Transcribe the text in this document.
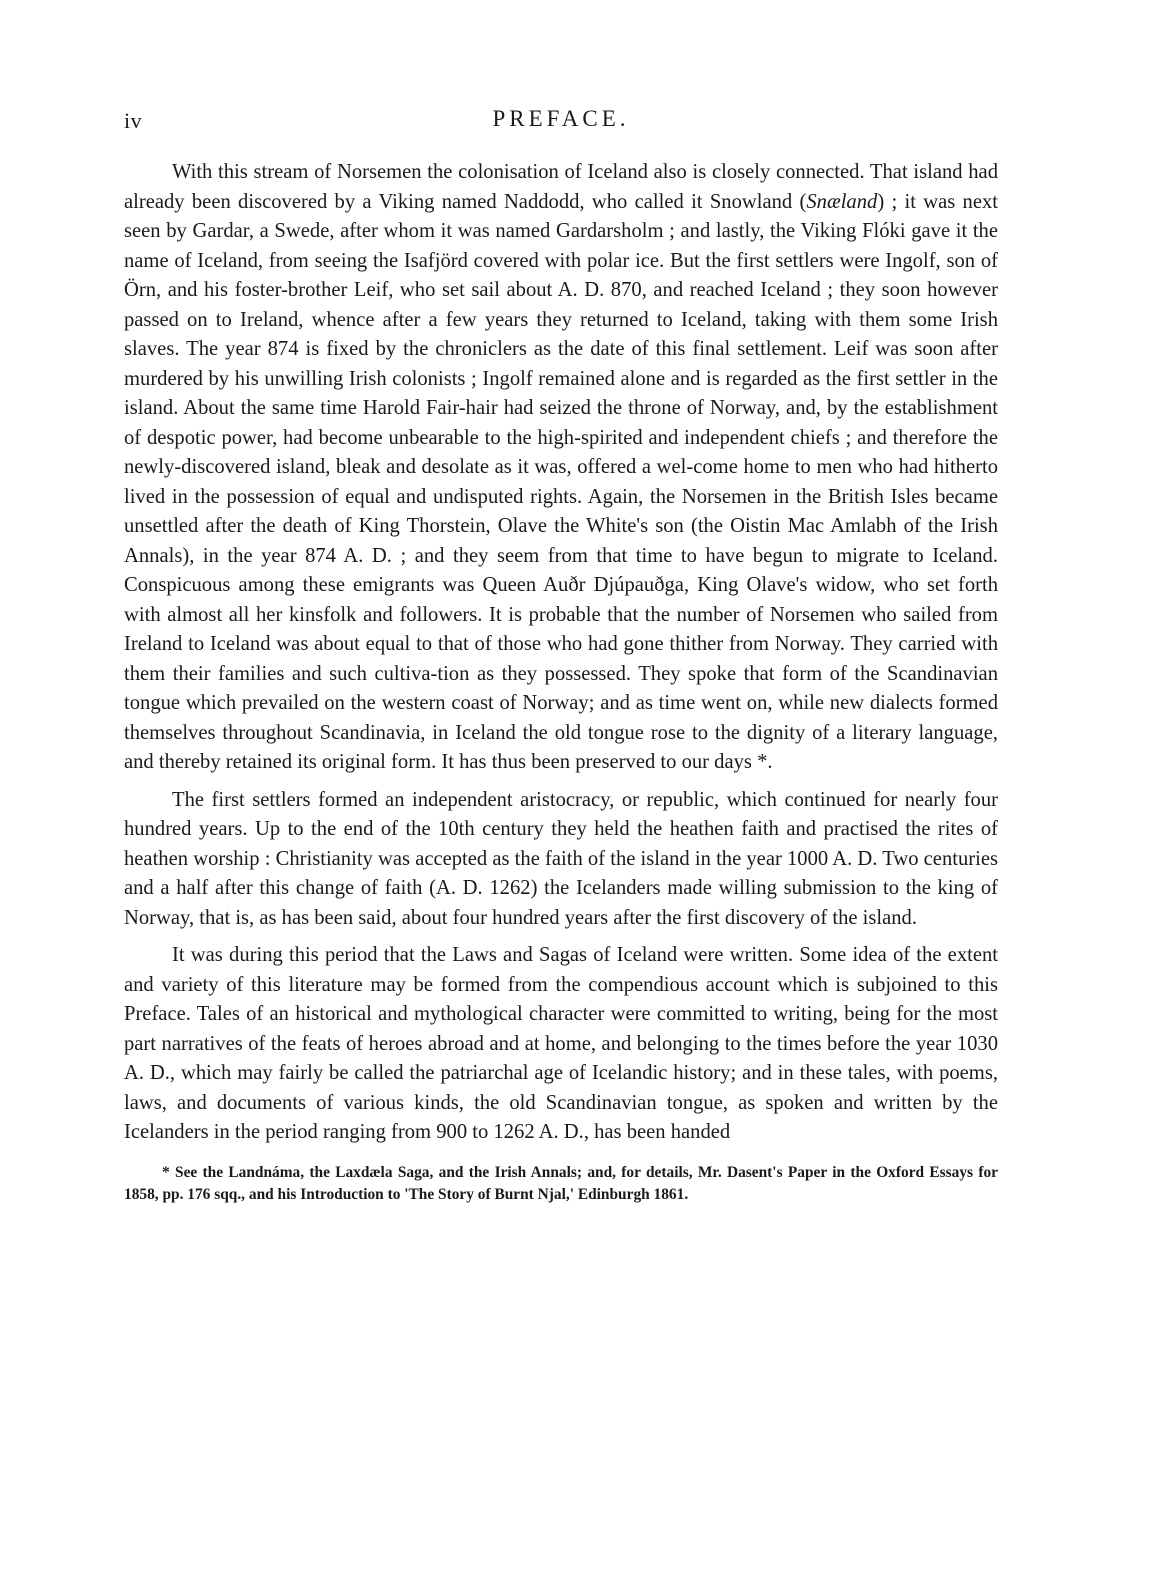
iv	PREFACE.

With this stream of Norsemen the colonisation of Iceland also is closely connected. That island had already been discovered by a Viking named Naddodd, who called it Snowland (Snæland) ; it was next seen by Gardar, a Swede, after whom it was named Gardarsholm ; and lastly, the Viking Flóki gave it the name of Iceland, from seeing the Isafjörd covered with polar ice. But the first settlers were Ingolf, son of Örn, and his foster-brother Leif, who set sail about A. D. 870, and reached Iceland ; they soon however passed on to Ireland, whence after a few years they returned to Iceland, taking with them some Irish slaves. The year 874 is fixed by the chroniclers as the date of this final settlement. Leif was soon after murdered by his unwilling Irish colonists ; Ingolf remained alone and is regarded as the first settler in the island. About the same time Harold Fair-hair had seized the throne of Norway, and, by the establishment of despotic power, had become unbearable to the high-spirited and independent chiefs ; and therefore the newly-discovered island, bleak and desolate as it was, offered a wel-come home to men who had hitherto lived in the possession of equal and undisputed rights. Again, the Norsemen in the British Isles became unsettled after the death of King Thorstein, Olave the White's son (the Oistin Mac Amlabh of the Irish Annals), in the year 874 A. D. ; and they seem from that time to have begun to migrate to Iceland. Conspicuous among these emigrants was Queen Auðr Djúpauðga, King Olave's widow, who set forth with almost all her kinsfolk and followers. It is probable that the number of Norsemen who sailed from Ireland to Iceland was about equal to that of those who had gone thither from Norway. They carried with them their families and such cultiva-tion as they possessed. They spoke that form of the Scandinavian tongue which prevailed on the western coast of Norway; and as time went on, while new dialects formed themselves throughout Scandinavia, in Iceland the old tongue rose to the dignity of a literary language, and thereby retained its original form. It has thus been preserved to our days *.

The first settlers formed an independent aristocracy, or republic, which continued for nearly four hundred years. Up to the end of the 10th century they held the heathen faith and practised the rites of heathen worship : Christianity was accepted as the faith of the island in the year 1000 A. D. Two centuries and a half after this change of faith (A. D. 1262) the Icelanders made willing submission to the king of Norway, that is, as has been said, about four hundred years after the first discovery of the island.

It was during this period that the Laws and Sagas of Iceland were written. Some idea of the extent and variety of this literature may be formed from the compendious account which is subjoined to this Preface. Tales of an historical and mythological character were committed to writing, being for the most part narratives of the feats of heroes abroad and at home, and belonging to the times before the year 1030 A. D., which may fairly be called the patriarchal age of Icelandic history; and in these tales, with poems, laws, and documents of various kinds, the old Scandinavian tongue, as spoken and written by the Icelanders in the period ranging from 900 to 1262 A. D., has been handed

* See the Landnáma, the Laxdæla Saga, and the Irish Annals; and, for details, Mr. Dasent's Paper in the Oxford Essays for 1858, pp. 176 sqq., and his Introduction to 'The Story of Burnt Njal,' Edinburgh 1861.
